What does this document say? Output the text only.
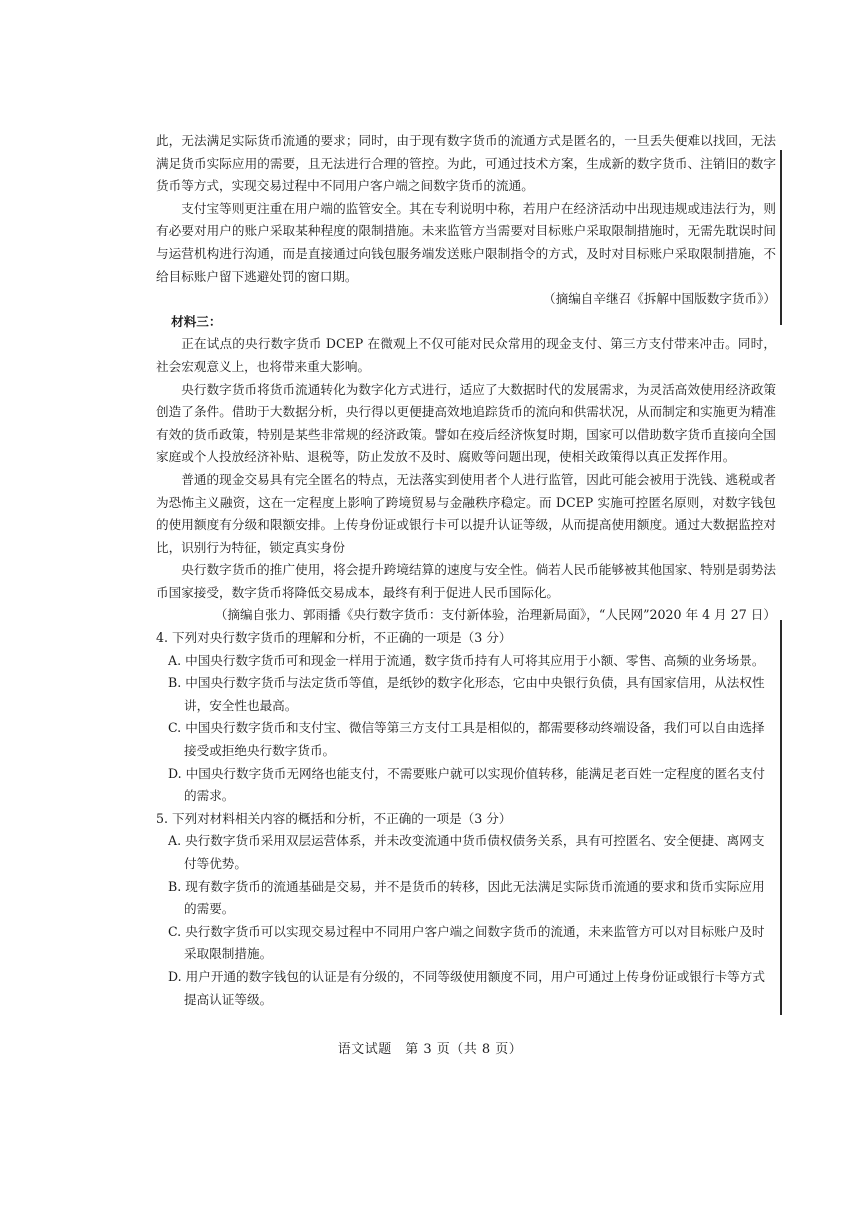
此，无法满足实际货币流通的要求；同时，由于现有数字货币的流通方式是匿名的，一旦丢失便难以找回，无法满足货币实际应用的需要，且无法进行合理的管控。为此，可通过技术方案，生成新的数字货币、注销旧的数字货币等方式，实现交易过程中不同用户客户端之间数字货币的流通。

支付宝等则更注重在用户端的监管安全。其在专利说明中称，若用户在经济活动中出现违规或违法行为，则有必要对用户的账户采取某种程度的限制措施。未来监管方当需要对目标账户采取限制措施时，无需先耽误时间与运营机构进行沟通，而是直接通过向钱包服务端发送账户限制指令的方式，及时对目标账户采取限制措施，不给目标账户留下逃避处罚的窗口期。

（摘编自辛继召《拆解中国版数字货币》）

材料三：

正在试点的央行数字货币 DCEP 在微观上不仅可能对民众常用的现金支付、第三方支付带来冲击。同时，社会宏观意义上，也将带来重大影响。

央行数字货币将货币流通转化为数字化方式进行，适应了大数据时代的发展需求，为灵活高效使用经济政策创造了条件。借助于大数据分析，央行得以更便捷高效地追踪货币的流向和供需状况，从而制定和实施更为精准有效的货币政策，特别是某些非常规的经济政策。譬如在疫后经济恢复时期，国家可以借助数字货币直接向全国家庭或个人投放经济补贴、退税等，防止发放不及时、腐败等问题出现，使相关政策得以真正发挥作用。

普通的现金交易具有完全匿名的特点，无法落实到使用者个人进行监管，因此可能会被用于洗钱、逃税或者为恐怖主义融资，这在一定程度上影响了跨境贸易与金融秩序稳定。而 DCEP 实施可控匿名原则，对数字钱包的使用额度有分级和限额安排。上传身份证或银行卡可以提升认证等级，从而提高使用额度。通过大数据监控对比，识别行为特征，锁定真实身份

央行数字货币的推广使用，将会提升跨境结算的速度与安全性。倘若人民币能够被其他国家、特别是弱势法币国家接受，数字货币将降低交易成本，最终有利于促进人民币国际化。

（摘编自张力、郭雨播《央行数字货币：支付新体验，治理新局面》，“人民网”2020 年 4 月 27 日）

4. 下列对央行数字货币的理解和分析，不正确的一项是（3 分）

A. 中国央行数字货币可和现金一样用于流通，数字货币持有人可将其应用于小额、零售、高频的业务场景。

B. 中国央行数字货币与法定货币等值，是纸钞的数字化形态，它由中央银行负债，具有国家信用，从法权性讲，安全性也最高。

C. 中国央行数字货币和支付宝、微信等第三方支付工具是相似的，都需要移动终端设备，我们可以自由选择接受或拒绝央行数字货币。

D. 中国央行数字货币无网络也能支付，不需要账户就可以实现价值转移，能满足老百姓一定程度的匿名支付的需求。

5. 下列对材料相关内容的概括和分析，不正确的一项是（3 分）

A. 央行数字货币采用双层运营体系，并未改变流通中货币债权债务关系，具有可控匿名、安全便捷、离网支付等优势。

B. 现有数字货币的流通基础是交易，并不是货币的转移，因此无法满足实际货币流通的要求和货币实际应用的需要。

C. 央行数字货币可以实现交易过程中不同用户客户端之间数字货币的流通，未来监管方可以对目标账户及时采取限制措施。

D. 用户开通的数字钱包的认证是有分级的，不同等级使用额度不同，用户可通过上传身份证或银行卡等方式提高认证等级。

语文试题　第 3 页（共 8 页）
